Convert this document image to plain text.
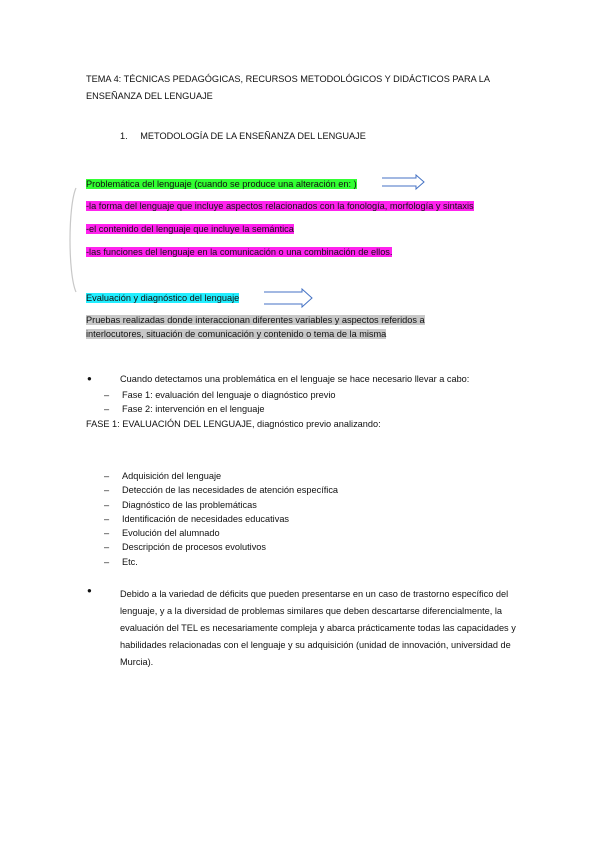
TEMA 4: TÉCNICAS PEDAGÓGICAS, RECURSOS METODOLÓGICOS Y DIDÁCTICOS PARA LA ENSEÑANZA DEL LENGUAJE
1. METODOLOGÍA DE LA ENSEÑANZA DEL LENGUAJE
Problemática del lenguaje (cuando se produce una alteración en: )
-la forma del lenguaje que incluye aspectos relacionados con la fonología, morfología y sintaxis
-el contenido del lenguaje que incluye la semántica
-las funciones del lenguaje en la comunicación o una combinación de ellos.
Evaluación y diagnóstico del lenguaje
Pruebas realizadas donde interaccionan diferentes variables y aspectos referidos a
interlocutores, situación de comunicación y contenido o tema de la misma
●	Cuando detectamos una problemática en el lenguaje se hace necesario llevar a cabo:
– Fase 1: evaluación del lenguaje o diagnóstico previo
– Fase 2: intervención en el lenguaje
FASE 1: EVALUACIÓN DEL LENGUAJE, diagnóstico previo analizando:
– Adquisición del lenguaje
– Detección de las necesidades de atención específica
– Diagnóstico de las problemáticas
– Identificación de necesidades educativas
– Evolución del alumnado
– Descripción de procesos evolutivos
– Etc.
●	Debido a la variedad de déficits que pueden presentarse en un caso de trastorno específico del lenguaje, y a la diversidad de problemas similares que deben descartarse diferencialmente, la evaluación del TEL es necesariamente compleja y abarca prácticamente todas las capacidades y habilidades relacionadas con el lenguaje y su adquisición (unidad de innovación, universidad de Murcia).
